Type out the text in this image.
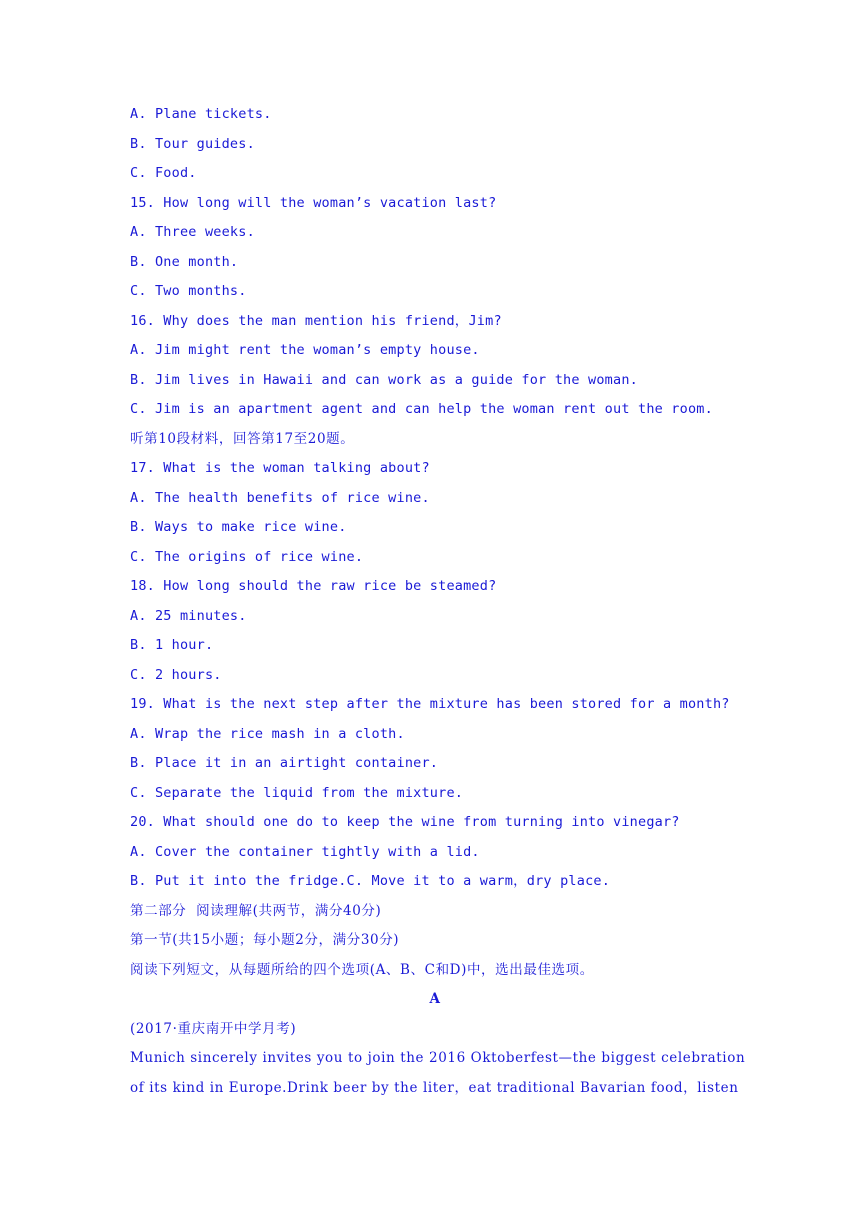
A. Plane tickets.
B. Tour guides.
C. Food.
15. How long will the woman’s vacation last?
A. Three weeks.
B. One month.
C. Two months.
16. Why does the man mention his friend，Jim?
A. Jim might rent the woman’s empty house.
B. Jim lives in Hawaii and can work as a guide for the woman.
C. Jim is an apartment agent and can help the woman rent out the room.
听第10段材料，回答第17至20题。
17. What is the woman talking about?
A. The health benefits of rice wine.
B. Ways to make rice wine.
C. The origins of rice wine.
18. How long should the raw rice be steamed?
A. 25 minutes.
B. 1 hour.
C. 2 hours.
19. What is the next step after the mixture has been stored for a month?
A. Wrap the rice mash in a cloth.
B. Place it in an airtight container.
C. Separate the liquid from the mixture.
20. What should one do to keep the wine from turning into vinegar?
A. Cover the container tightly with a lid.
B. Put it into the fridge.C. Move it to a warm，dry place.
第二部分  阅读理解(共两节，满分40分)
第一节(共15小题；每小题2分，满分30分)
阅读下列短文，从每题所给的四个选项(A、B、C和D)中，选出最佳选项。
A
(2017·重庆南开中学月考)
Munich sincerely invites you to join the 2016 Oktoberfest—the biggest celebration
of its kind in Europe.Drink beer by the liter，eat traditional Bavarian food，listen
